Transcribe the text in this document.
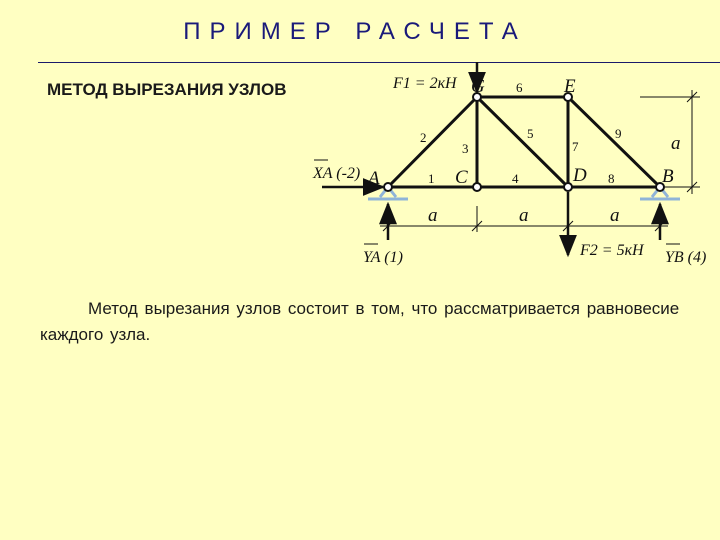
ПРИМЕР РАСЧЕТА
МЕТОД ВЫРЕЗАНИЯ УЗЛОВ
1
2
3
4
5
6
7
8
9
G	E
A	C	D	B
F1 = 2кН
XA (-2)
YA (1)	F2 = 5кН YB (4)
a	a	a
a
Метод вырезания узлов состоит в том, что рассматривается равновесие каждого узла.
